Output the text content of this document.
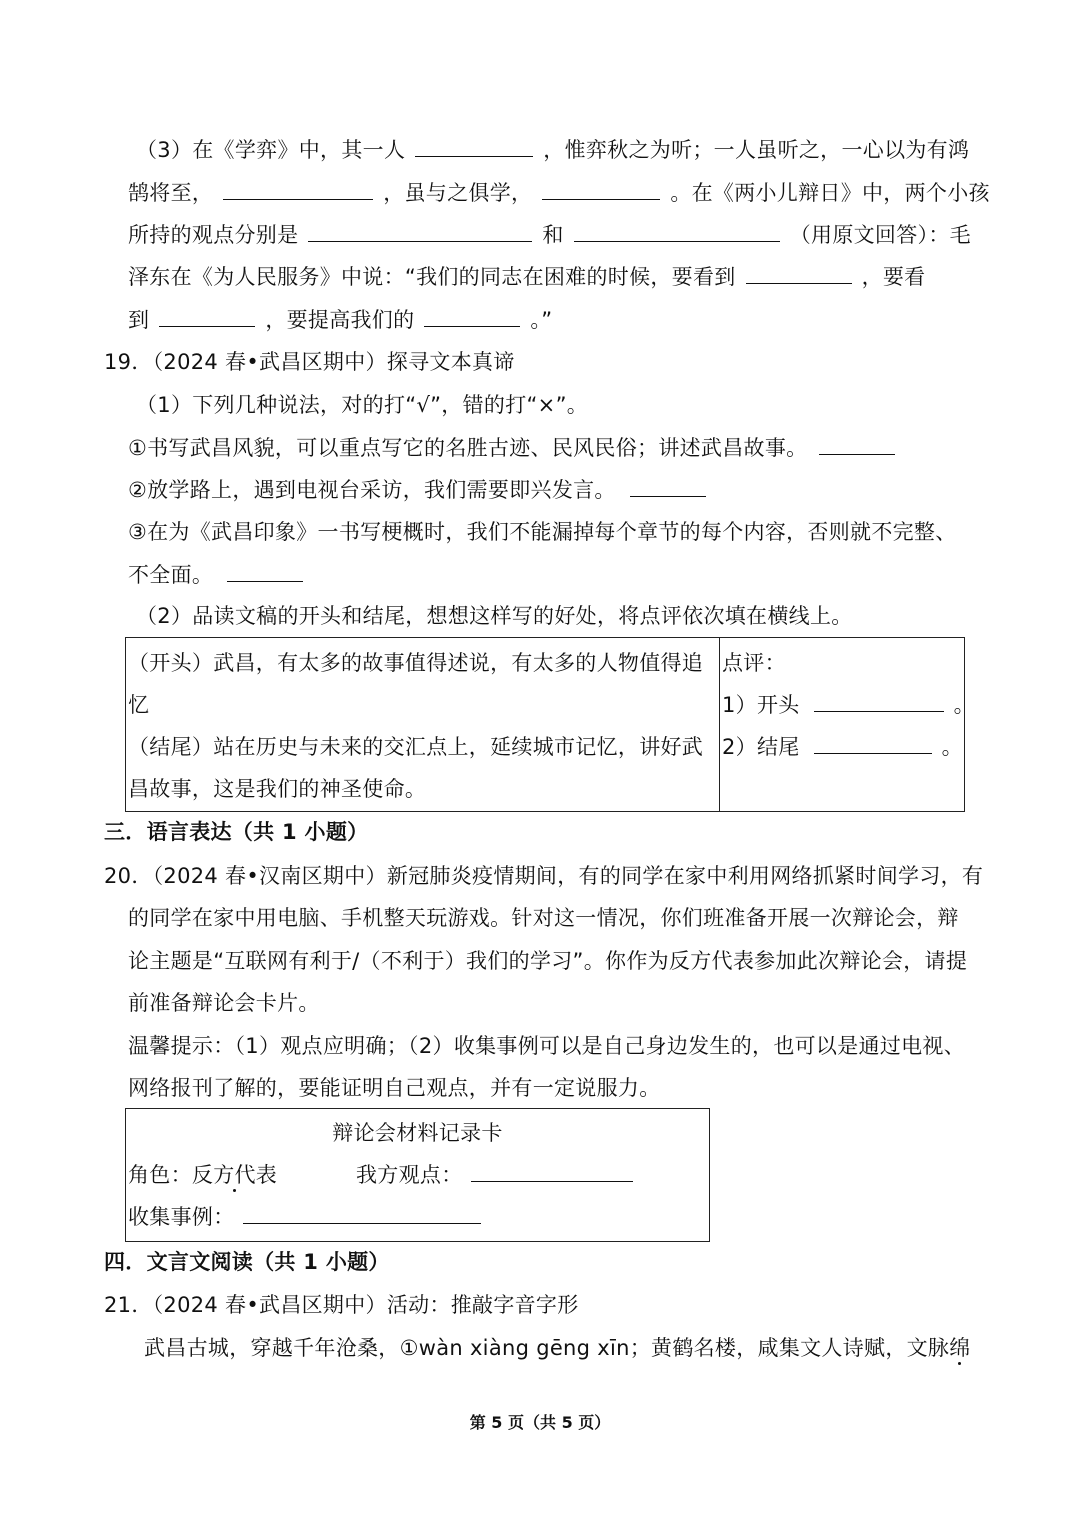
（3）在《学弈》中，其一人	，惟弈秋之为听；一人虽听之，一心以为有鸿
鹄将至，	，虽与之俱学，	。在《两小儿辩日》中，两个小孩
所持的观点分别是	和	（用原文回答）：毛
泽东在《为人民服务》中说：“我们的同志在困难的时候，要看到	，要看
到	，要提高我们的	。”
19．（2024 春•武昌区期中）探寻文本真谛
（1）下列几种说法，对的打“√”，错的打“×”。
①书写武昌风貌，可以重点写它的名胜古迹、民风民俗；讲述武昌故事。
②放学路上，遇到电视台采访，我们需要即兴发言。
③在为《武昌印象》一书写梗概时，我们不能漏掉每个章节的每个内容，否则就不完整、
不全面。
（2）品读文稿的开头和结尾，想想这样写的好处，将点评依次填在横线上。
（开头）武昌，有太多的故事值得述说，有太多的人物值得追
忆
（结尾）站在历史与未来的交汇点上，延续城市记忆，讲好武
昌故事，这是我们的神圣使命。
点评：
1）开头	。
2）结尾	。
三．语言表达（共 1 小题）
20．（2024 春•汉南区期中）新冠肺炎疫情期间，有的同学在家中利用网络抓紧时间学习，有
的同学在家中用电脑、手机整天玩游戏。针对这一情况，你们班准备开展一次辩论会，辩
论主题是“互联网有利于/（不利于）我们的学习”。你作为反方代表参加此次辩论会，请提
前准备辩论会卡片。
温馨提示：（1）观点应明确；（2）收集事例可以是自己身边发生的，也可以是通过电视、
网络报刊了解的，要能证明自己观点，并有一定说服力。
辩论会材料记录卡
角色：反方代表	我方观点：
收集事例：
四．文言文阅读（共 1 小题）
21．（2024 春•武昌区期中）活动：推敲字音字形
武昌古城，穿越千年沧桑，①wàn xiàng gēng xīn；黄鹤名楼，咸集文人诗赋，文脉绵
第 5 页（共 5 页）
